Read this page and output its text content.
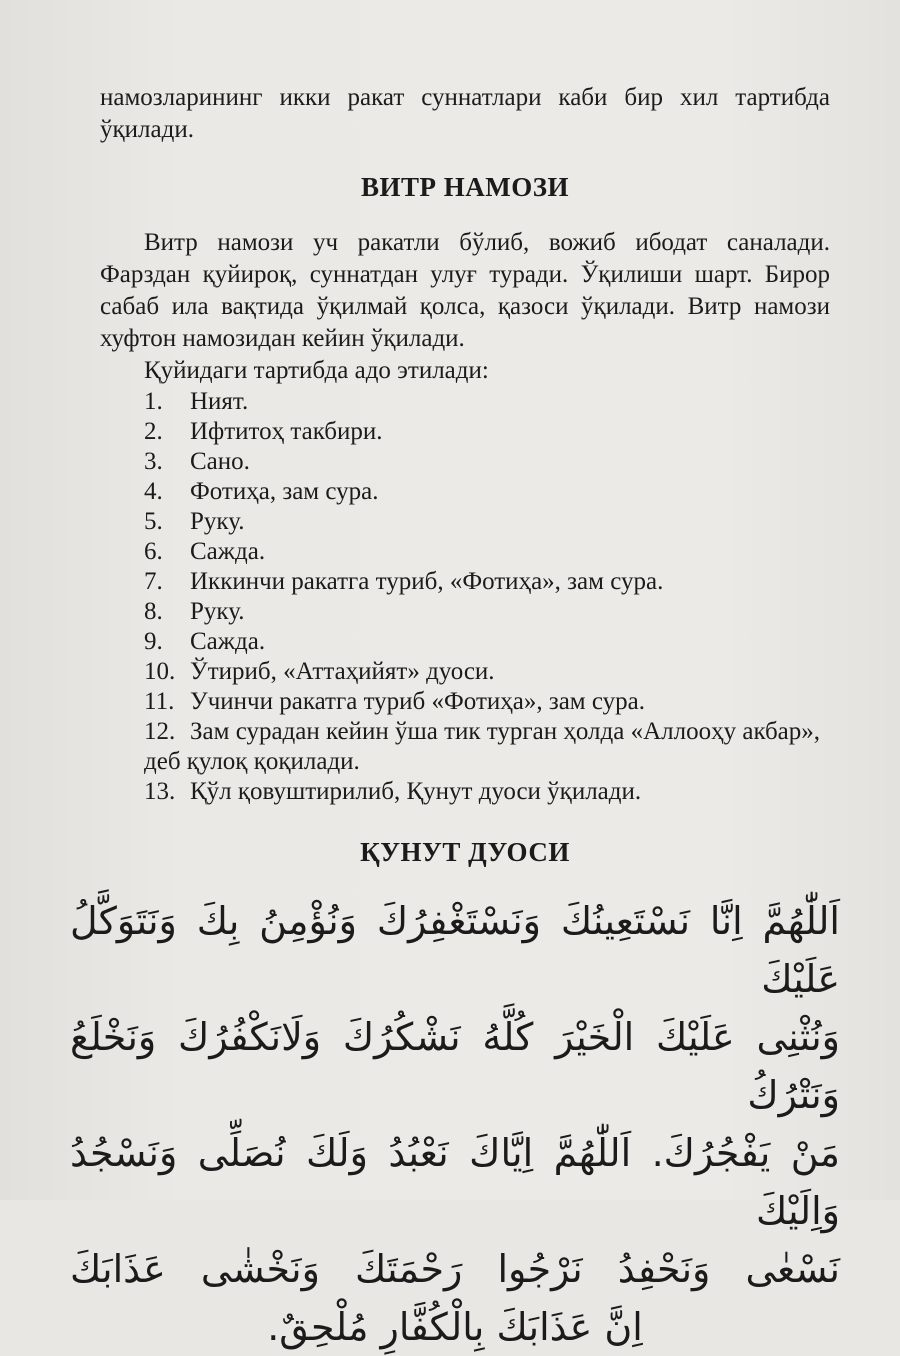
намозларининг икки ракат суннатлари каби бир хил тартибда ўқилади.

ВИТР НАМОЗИ

Витр намози уч ракатли бўлиб, вожиб ибодат саналади. Фарздан қуйироқ, суннатдан улуғ туради. Ўқилиши шарт. Бирор сабаб ила вақтида ўқилмай қолса, қазоси ўқилади. Витр намози хуфтон намозидан кейин ўқилади.

Қуйидаги тартибда адо этилади:

1.	Ният.
2.	Ифтитоҳ такбири.
3.	Сано.
4.	Фотиҳа, зам сура.
5.	Руку.
6.	Сажда.
7.	Иккинчи ракатга туриб, «Фотиҳа», зам сура.
8.	Руку.
9.	Сажда.
10. Ўтириб, «Аттаҳийят» дуоси.
11. Учинчи ракатга туриб «Фотиҳа», зам сура.
12. Зам сурадан кейин ўша тик турган ҳолда «Аллооҳу акбар», деб қулоқ қоқилади.
13. Қўл қовуштирилиб, Қунут дуоси ўқилади.
ҚУНУТ ДУОСИ

اَللّٰهُمَّ اِنَّا نَسْتَعِينُكَ وَنَسْتَغْفِرُكَ وَنُؤْمِنُ بِكَ وَنَتَوَكَّلُ عَلَيْكَ

وَنُثْنِى عَلَيْكَ الْخَيْرَ كُلَّهُ نَشْكُرُكَ وَلَانَكْفُرُكَ وَنَخْلَعُ وَنَتْرُكُ

مَنْ يَفْجُرُكَ. اَللّٰهُمَّ اِيَّاكَ نَعْبُدُ وَلَكَ نُصَلِّى وَنَسْجُدُ وَاِلَيْكَ

نَسْعٰى وَنَحْفِدُ نَرْجُوا رَحْمَتَكَ وَنَخْشٰى عَذَابَكَ

اِنَّ عَذَابَكَ بِالْكُفَّارِ مُلْحِقٌ.
